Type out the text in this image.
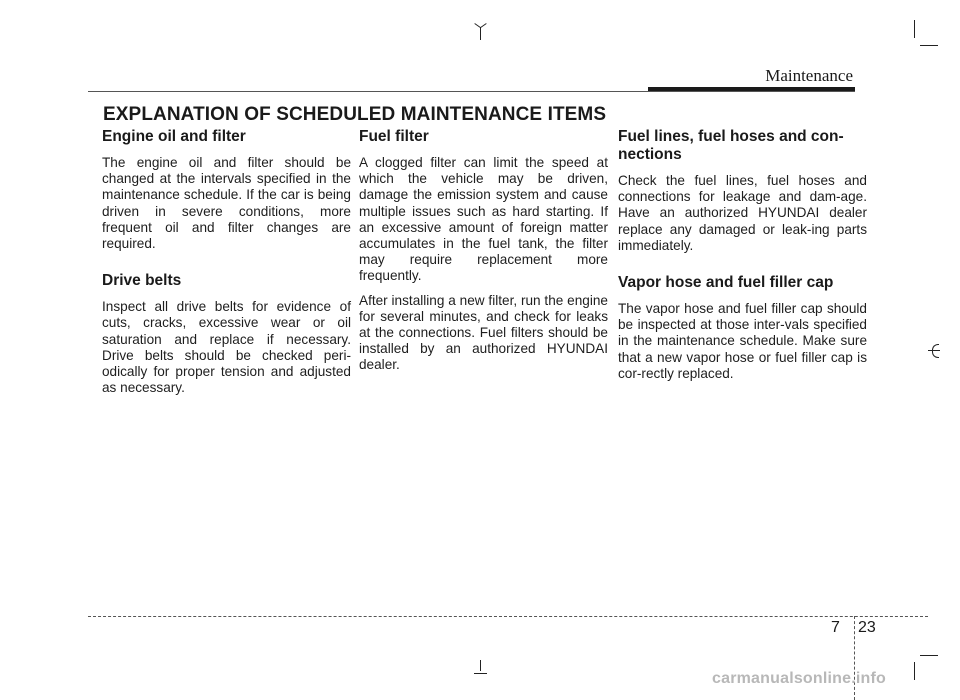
Maintenance
EXPLANATION OF SCHEDULED MAINTENANCE ITEMS
Engine oil and filter

The engine oil and filter should be changed at the intervals specified in the maintenance schedule. If the car is being driven in severe conditions, more frequent oil and filter changes are required.

Drive belts

Inspect all drive belts for evidence of cuts, cracks, excessive wear or oil saturation and replace if necessary. Drive belts should be checked peri-odically for proper tension and adjusted as necessary.

Fuel filter

A clogged filter can limit the speed at which the vehicle may be driven, damage the emission system and cause multiple issues such as hard starting. If an excessive amount of foreign matter accumulates in the fuel tank, the filter may require replacement more frequently.

After installing a new filter, run the engine for several minutes, and check for leaks at the connections. Fuel filters should be installed by an authorized HYUNDAI dealer.

Fuel lines, fuel hoses and con-nections

Check the fuel lines, fuel hoses and connections for leakage and dam-age. Have an authorized HYUNDAI dealer replace any damaged or leak-ing parts immediately.

Vapor hose and fuel filler cap

The vapor hose and fuel filler cap should be inspected at those inter-vals specified in the maintenance schedule. Make sure that a new vapor hose or fuel filler cap is cor-rectly replaced.

7 23
carmanualsonline.info
